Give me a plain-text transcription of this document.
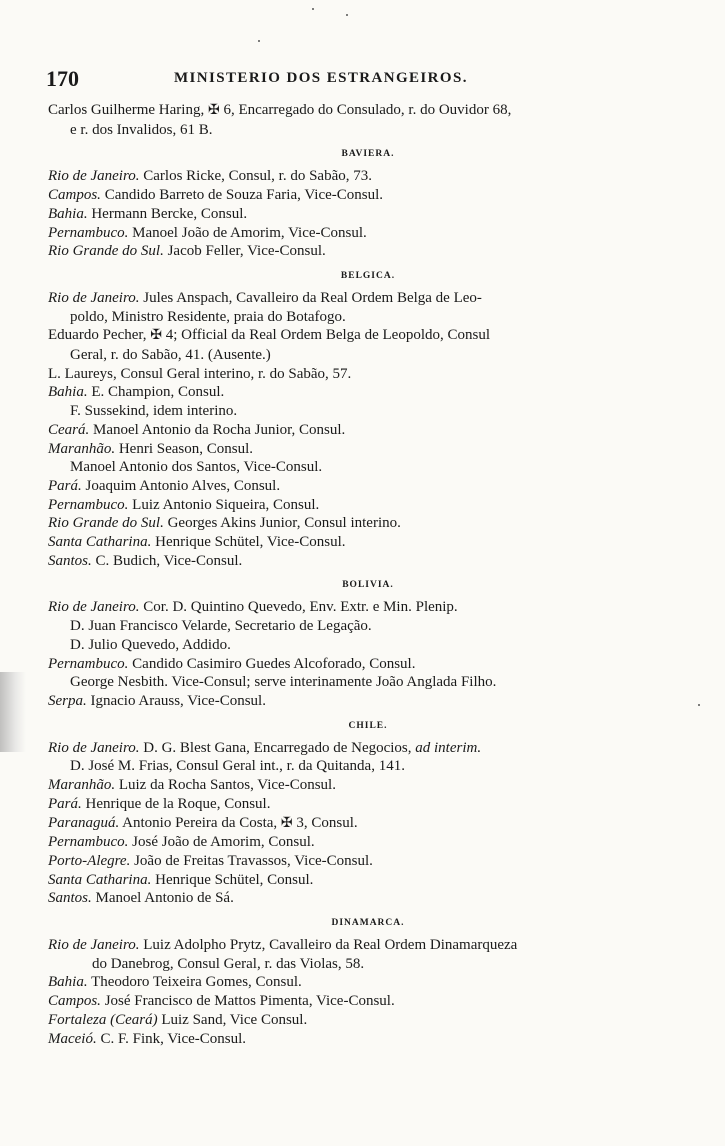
170	MINISTERIO DOS ESTRANGEIROS.
Carlos Guilherme Haring, ✠ 6, Encarregado do Consulado, r. do Ouvidor 68,
e r. dos Invalidos, 61 B.
BAVIERA.
Rio de Janeiro. Carlos Ricke, Consul, r. do Sabão, 73.
Campos. Candido Barreto de Souza Faria, Vice-Consul.
Bahia. Hermann Bercke, Consul.
Pernambuco. Manoel João de Amorim, Vice-Consul.
Rio Grande do Sul. Jacob Feller, Vice-Consul.
BELGICA.
Rio de Janeiro. Jules Anspach, Cavalleiro da Real Ordem Belga de Leo-
poldo, Ministro Residente, praia do Botafogo.
Eduardo Pecher, ✠ 4; Official da Real Ordem Belga de Leopoldo, Consul
Geral, r. do Sabão, 41. (Ausente.)
L. Laureys, Consul Geral interino, r. do Sabão, 57.
Bahia. E. Champion, Consul.
F. Sussekind, idem interino.
Ceará. Manoel Antonio da Rocha Junior, Consul.
Maranhão. Henri Season, Consul.
Manoel Antonio dos Santos, Vice-Consul.
Pará. Joaquim Antonio Alves, Consul.
Pernambuco. Luiz Antonio Siqueira, Consul.
Rio Grande do Sul. Georges Akins Junior, Consul interino.
Santa Catharina. Henrique Schütel, Vice-Consul.
Santos. C. Budich, Vice-Consul.
BOLIVIA.
Rio de Janeiro. Cor. D. Quintino Quevedo, Env. Extr. e Min. Plenip.
D. Juan Francisco Velarde, Secretario de Legação.
D. Julio Quevedo, Addido.
Pernambuco. Candido Casimiro Guedes Alcoforado, Consul.
George Nesbith. Vice-Consul; serve interinamente João Anglada Filho.
Serpa. Ignacio Arauss, Vice-Consul.
CHILE.
Rio de Janeiro. D. G. Blest Gana, Encarregado de Negocios, ad interim.
D. José M. Frias, Consul Geral int., r. da Quitanda, 141.
Maranhão. Luiz da Rocha Santos, Vice-Consul.
Pará. Henrique de la Roque, Consul.
Paranaguá. Antonio Pereira da Costa, ✠ 3, Consul.
Pernambuco. José João de Amorim, Consul.
Porto-Alegre. João de Freitas Travassos, Vice-Consul.
Santa Catharina. Henrique Schütel, Consul.
Santos. Manoel Antonio de Sá.
DINAMARCA.
Rio de Janeiro. Luiz Adolpho Prytz, Cavalleiro da Real Ordem Dinamarqueza
do Danebrog, Consul Geral, r. das Violas, 58.
Bahia. Theodoro Teixeira Gomes, Consul.
Campos. José Francisco de Mattos Pimenta, Vice-Consul.
Fortaleza (Ceará) Luiz Sand, Vice Consul.
Maceió. C. F. Fink, Vice-Consul.
